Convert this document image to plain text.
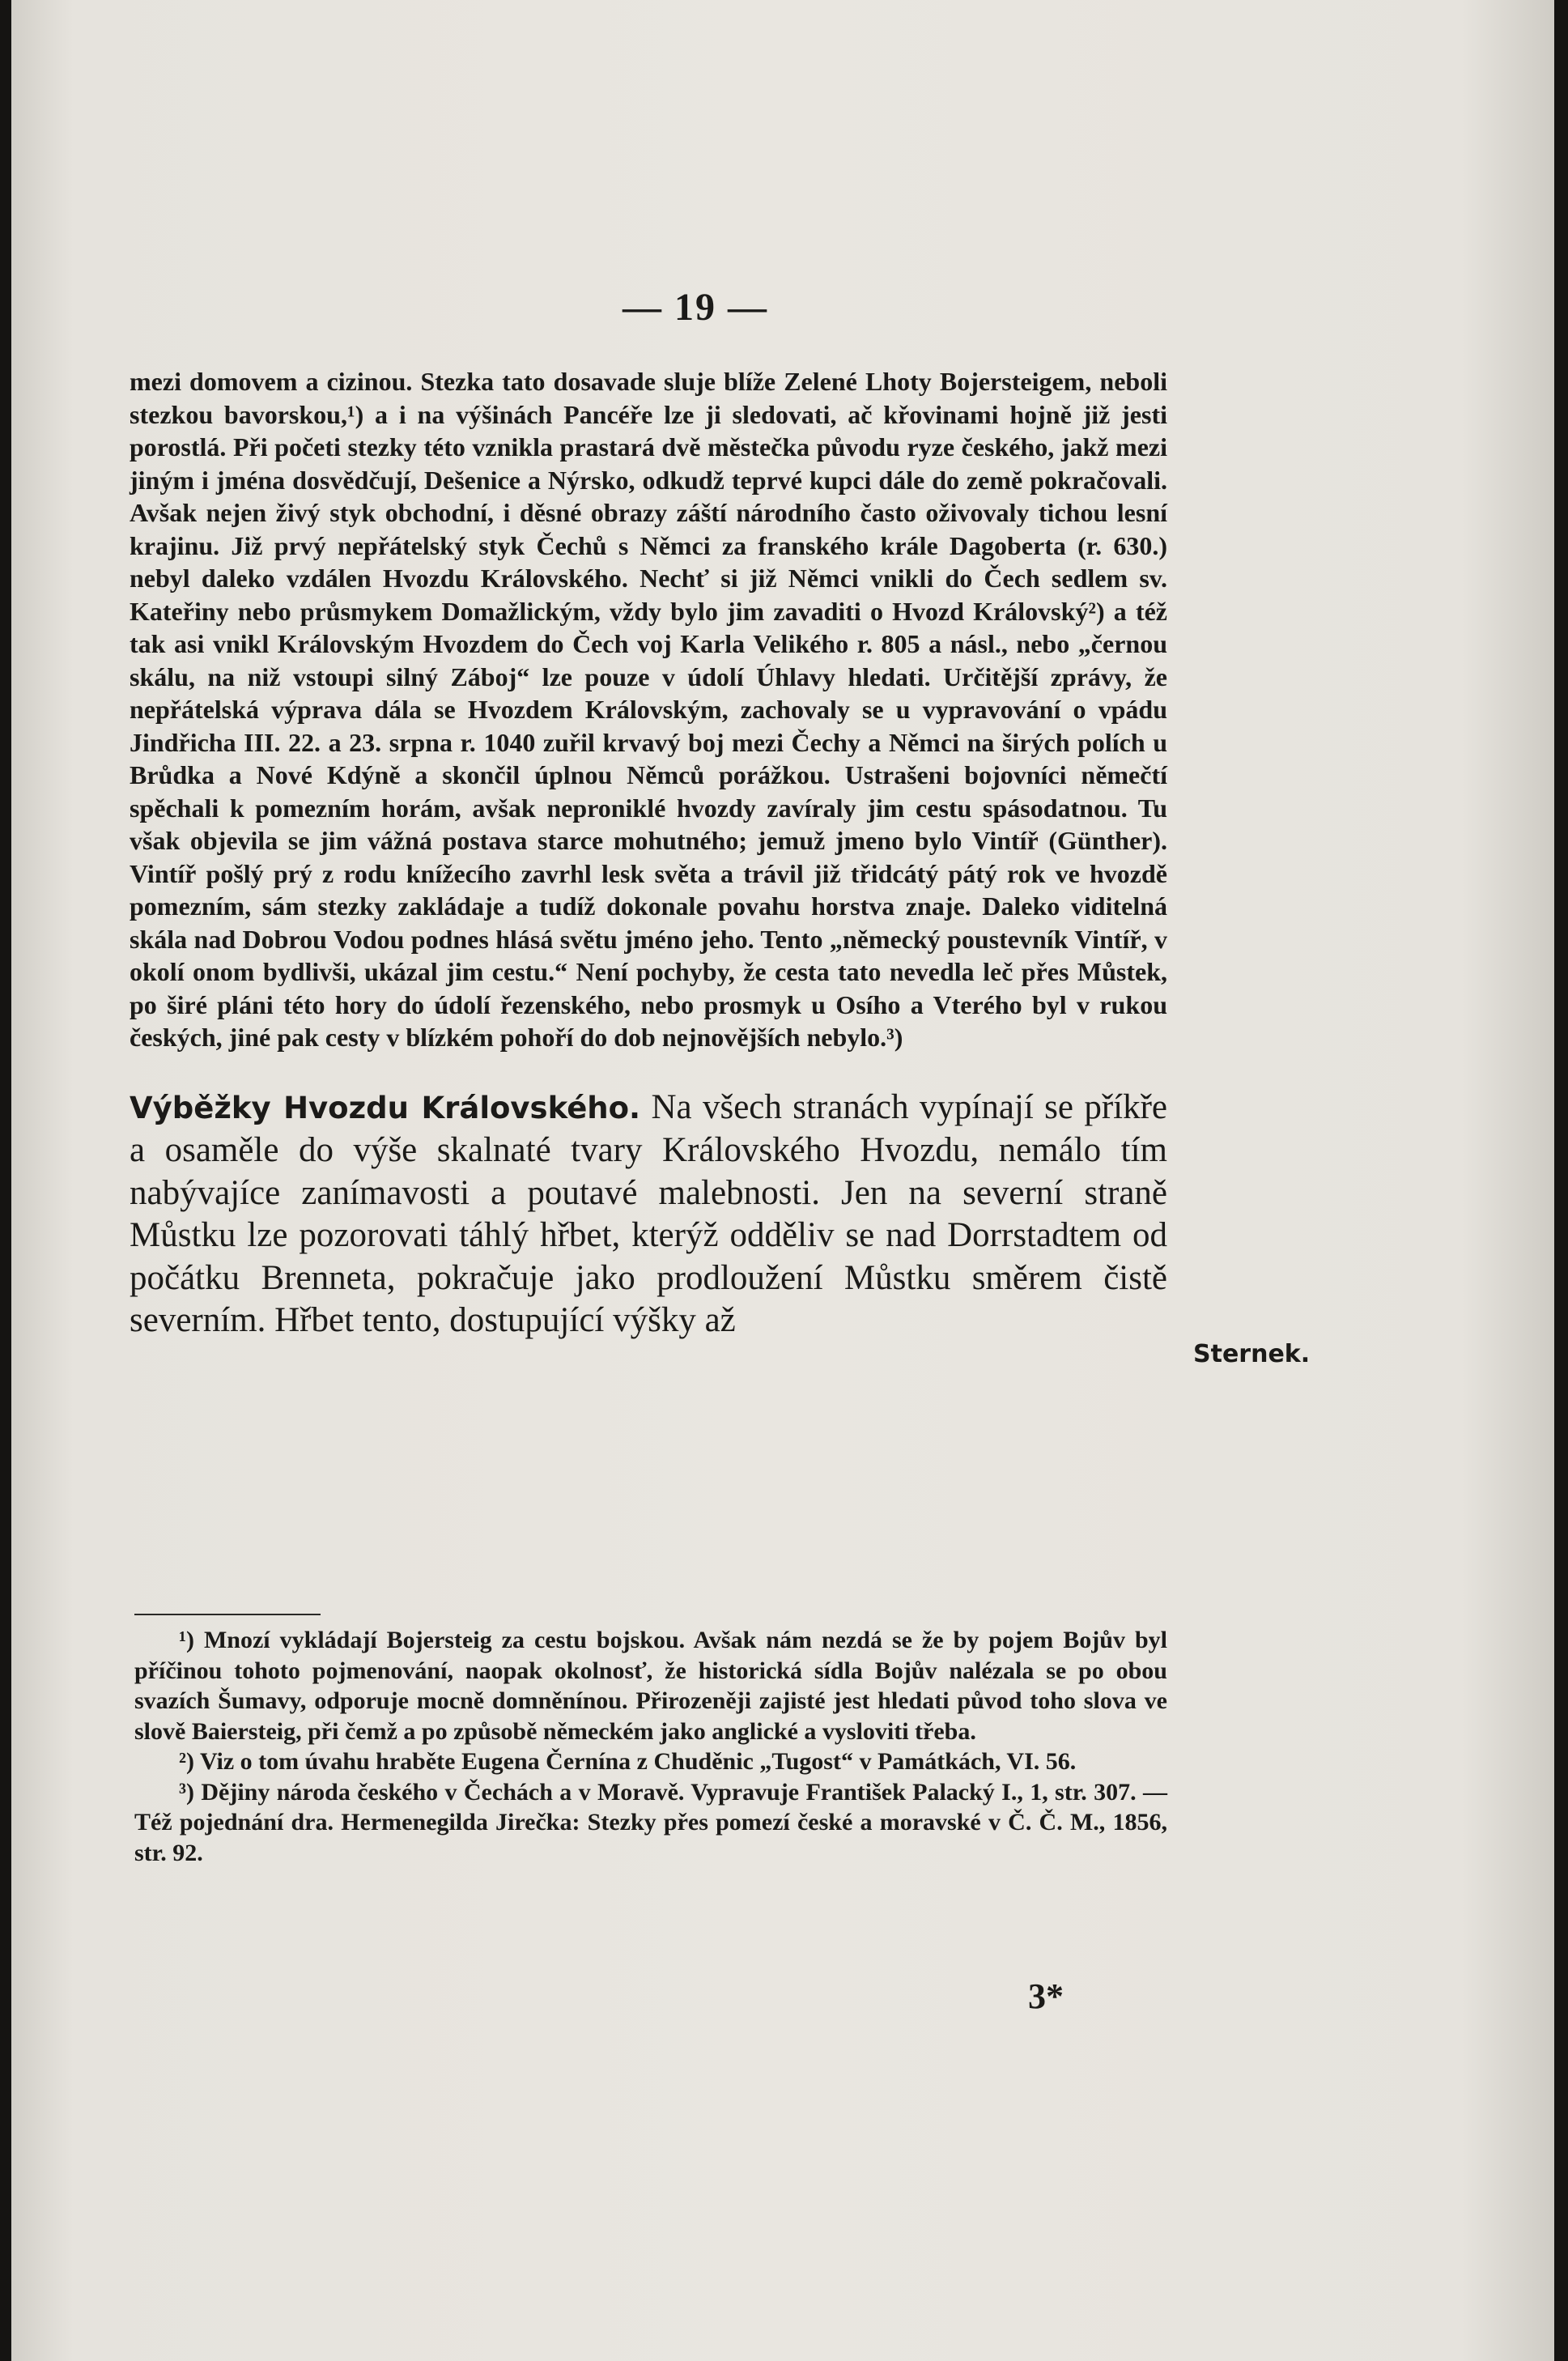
— 19 —

mezi domovem a cizinou. Stezka tato dosavade sluje blíže Zelené Lhoty Bojersteigem, neboli stezkou bavorskou,¹) a i na výšinách Pancéře lze ji sledovati, ač křovinami hojně již jesti porostlá. Při početi stezky této vznikla prastará dvě městečka původu ryze českého, jakž mezi jiným i jména dosvědčují, Dešenice a Nýrsko, odkudž teprvé kupci dále do země pokračovali. Avšak nejen živý styk obchodní, i děsné obrazy záští národního často oživovaly tichou lesní krajinu. Již prvý nepřátelský styk Čechů s Němci za franského krále Dagoberta (r. 630.) nebyl daleko vzdálen Hvozdu Královského. Nechť si již Němci vnikli do Čech sedlem sv. Kateřiny nebo průsmykem Domažlickým, vždy bylo jim zavaditi o Hvozd Královský²) a též tak asi vnikl Královským Hvozdem do Čech voj Karla Velikého r. 805 a násl., nebo „černou skálu, na niž vstoupi silný Záboj“ lze pouze v údolí Úhlavy hledati. Určitější zprávy, že nepřátelská výprava dála se Hvozdem Královským, zachovaly se u vypravování o vpádu Jindřicha III. 22. a 23. srpna r. 1040 zuřil krvavý boj mezi Čechy a Němci na širých polích u Brůdka a Nové Kdýně a skončil úplnou Němců porážkou. Ustrašeni bojovníci němečtí spěchali k pomezním horám, avšak neproniklé hvozdy zavíraly jim cestu spásodatnou. Tu však objevila se jim vážná postava starce mohutného; jemuž jmeno bylo Vintíř (Günther). Vintíř pošlý prý z rodu knížecího zavrhl lesk světa a trávil již třidcátý pátý rok ve hvozdě pomezním, sám stezky zakládaje a tudíž dokonale povahu horstva znaje. Daleko viditelná skála nad Dobrou Vodou podnes hlásá světu jméno jeho. Tento „německý poustevník Vintíř, v okolí onom bydlivši, ukázal jim cestu.“ Není pochyby, že cesta tato nevedla leč přes Můstek, po širé pláni této hory do údolí řezenského, nebo prosmyk u Osího a Vterého byl v rukou českých, jiné pak cesty v blízkém pohoří do dob nejnovějších nebylo.³)

Výběžky Hvozdu Královského. Na všech stranách vypínají se příkře a osaměle do výše skalnaté tvary Královského Hvozdu, nemálo tím nabývajíce zanímavosti a poutavé malebnosti. Jen na severní straně Můstku lze pozorovati táhlý hřbet, kterýž odděliv se nad Dorrstadtem od počátku Brenneta, pokračuje jako prodloužení Můstku směrem čistě severním. Hřbet tento, dostupující výšky až

Sternek.

¹) Mnozí vykládají Bojersteig za cestu bojskou. Avšak nám nezdá se že by pojem Bojův byl příčinou tohoto pojmenování, naopak okolnosť, že historická sídla Bojův nalézala se po obou svazích Šumavy, odporuje mocně domněnínou. Přirozeněji zajisté jest hledati původ toho slova ve slově Baiersteig, při čemž a po způsobě německém jako anglické a vysloviti třeba.

²) Viz o tom úvahu hraběte Eugena Černína z Chuděnic „Tugost“ v Památkách, VI. 56.

³) Dějiny národa českého v Čechách a v Moravě. Vypravuje František Palacký I., 1, str. 307. — Též pojednání dra. Hermenegilda Jirečka: Stezky přes pomezí české a moravské v Č. Č. M., 1856, str. 92.

3*
